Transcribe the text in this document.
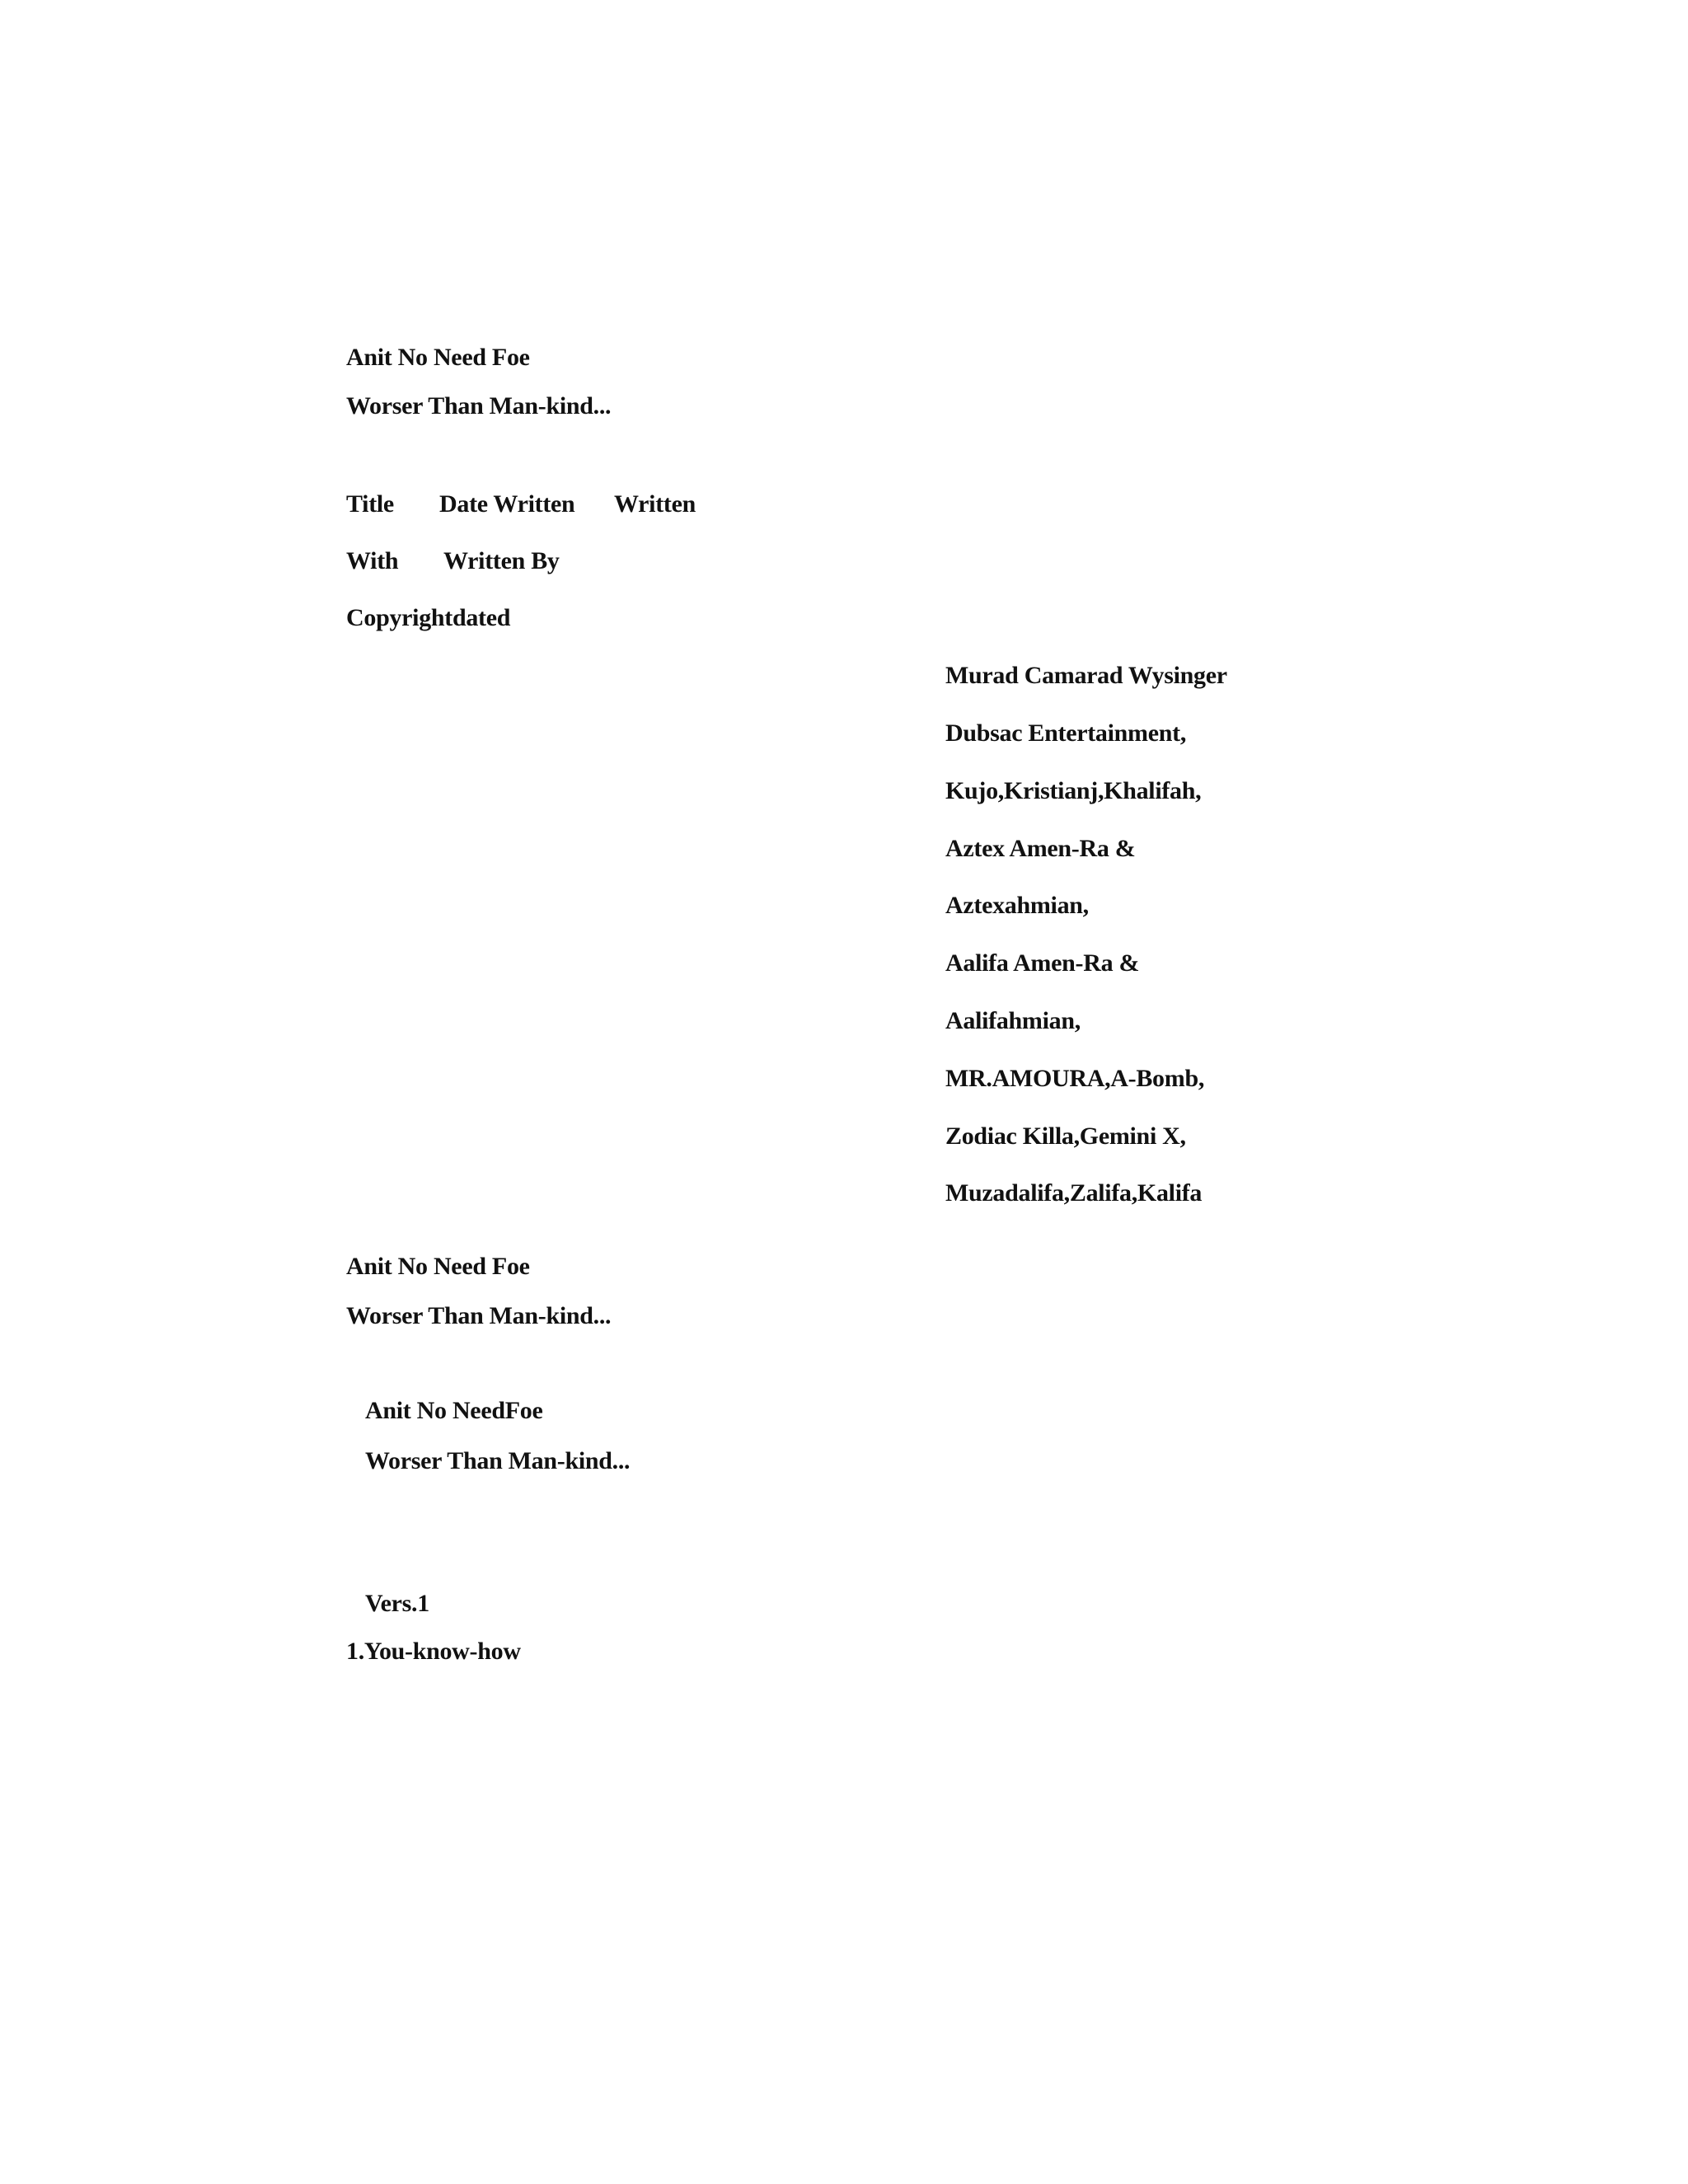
Anit No Need Foe
Worser Than Man-kind...
Title	Date Written	Written
With	Written By
Copyrightdated
Murad Camarad Wysinger
Dubsac Entertainment,
Kujo,Kristianj,Khalifah,
Aztex Amen-Ra &
Aztexahmian,
Aalifa Amen-Ra &
Aalifahmian,
MR.AMOURA,A-Bomb,
Zodiac Killa,Gemini X,
Muzadalifa,Zalifa,Kalifa
Anit No Need Foe
Worser Than Man-kind...
Anit No NeedFoe
Worser Than Man-kind...
Vers.1
1.You-know-how
